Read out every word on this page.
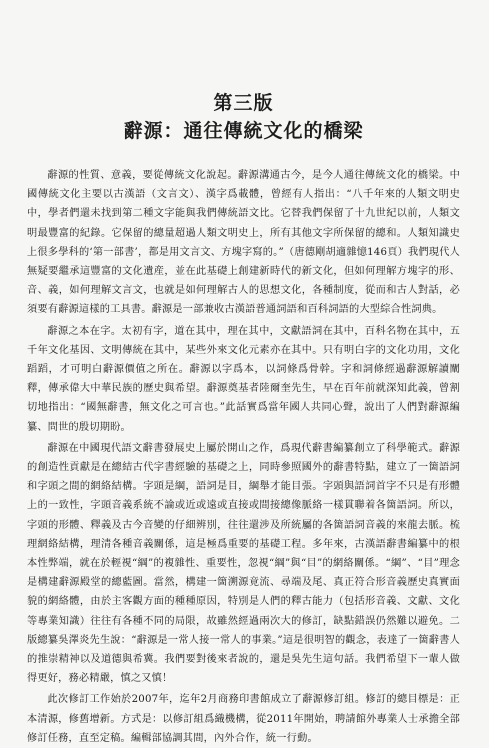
第三版
辭源：通往傳統文化的橋梁

辭源的性質、意義，要從傳統文化說起。辭源溝通古今，是今人通往傳統文化的橋梁。中國傳統文化主要以古漢語（文言文）、漢字爲載體，曾經有人指出：“八千年來的人類文明史中，學者們還未找到第二種文字能與我們傳統語文比。它替我們保留了十九世紀以前，人類文明最豐富的紀錄。它保留的總量超過人類文明史上，所有其他文字所保留的總和。人類知識史上很多學科的‘第一部書’，都是用文言文、方塊字寫的。”（唐德剛胡適雜憶146頁）我們現代人無疑要繼承這豐富的文化遺産，並在此基礎上創建新時代的新文化，但如何理解方塊字的形、音、義，如何理解文言文，也就是如何理解古人的思想文化，各種制度，從而和古人對話，必須要有辭源這樣的工具書。辭源是一部兼收古漢語普通詞語和百科詞語的大型綜合性詞典。

辭源之本在字。太初有字，道在其中，理在其中，文獻語詞在其中，百科名物在其中，五千年文化基因、文明傳統在其中，某些外來文化元素亦在其中。只有明白字的文化功用，文化蹈蹈，才可明白辭源價值之所在。辭源以字爲本，以詞條爲骨幹。字和詞條經過辭源解讀闡釋，傳承偉大中華民族的歷史與希望。辭源奠基者陸爾奎先生，早在百年前就深知此義，曾割切地指出：“國無辭書，無文化之可言也。”此話實爲當年國人共同心聲，說出了人們對辭源編纂、問世的殷切期盼。

辭源在中國現代語文辭書發展史上屬於開山之作，爲現代辭書編纂創立了科學範式。辭源的創造性貢獻是在總結古代字書經驗的基礎之上，同時參照國外的辭書特點，建立了一箇語詞和字頭之間的網絡結構。字頭是綱，語詞是目，綱舉才能目張。字頭與語詞首字不只是有形體上的一致性，字頭音義系統不論或近或遠或直接或間接總像脈絡一樣貫聯着各箇語詞。所以，字頭的形體、釋義及古今音變的仔細辨別，往往還涉及所統屬的各箇語詞音義的來龍去脈。梳理網絡結構，理清各種音義關係，這是極爲重要的基礎工程。多年來，古漢語辭書編纂中的根本性弊端，就在於輕視“綱”的複雜性、重要性，忽視“綱”與“目”的網絡關係。“綱”、“目”理念是構建辭源殿堂的總藍圖。當然，構建一箇溯源竟流、尋端及尾、真正符合形音義歷史真實面貌的網絡體，由於主客觀方面的種種原因，特別是人們的釋古能力（包括形音義、文獻、文化等專業知識）往往有各種不同的局限，故雖然經過兩次大的修訂，缺點錯誤仍然難以避免。二版總纂吳澤炎先生說：“辭源是一常人接一常人的事業。”這是很明智的觀念，表達了一箇辭書人的推崇精神以及道德與希冀。我們要對後來者說的，還是吳先生這句話。我們希望下一輩人做得更好，務必精嚴，慎之又慎！

此次修訂工作始於2007年，迄年2月商務印書館成立了辭源修訂組。修訂的總目標是：正本清源，修舊增新。方式是：以修訂組爲織機構，從2011年開始，聘請館外專業人士承擔全部修訂任務，直至定稿。編輯部協調其間，內外合作，統一行動。
